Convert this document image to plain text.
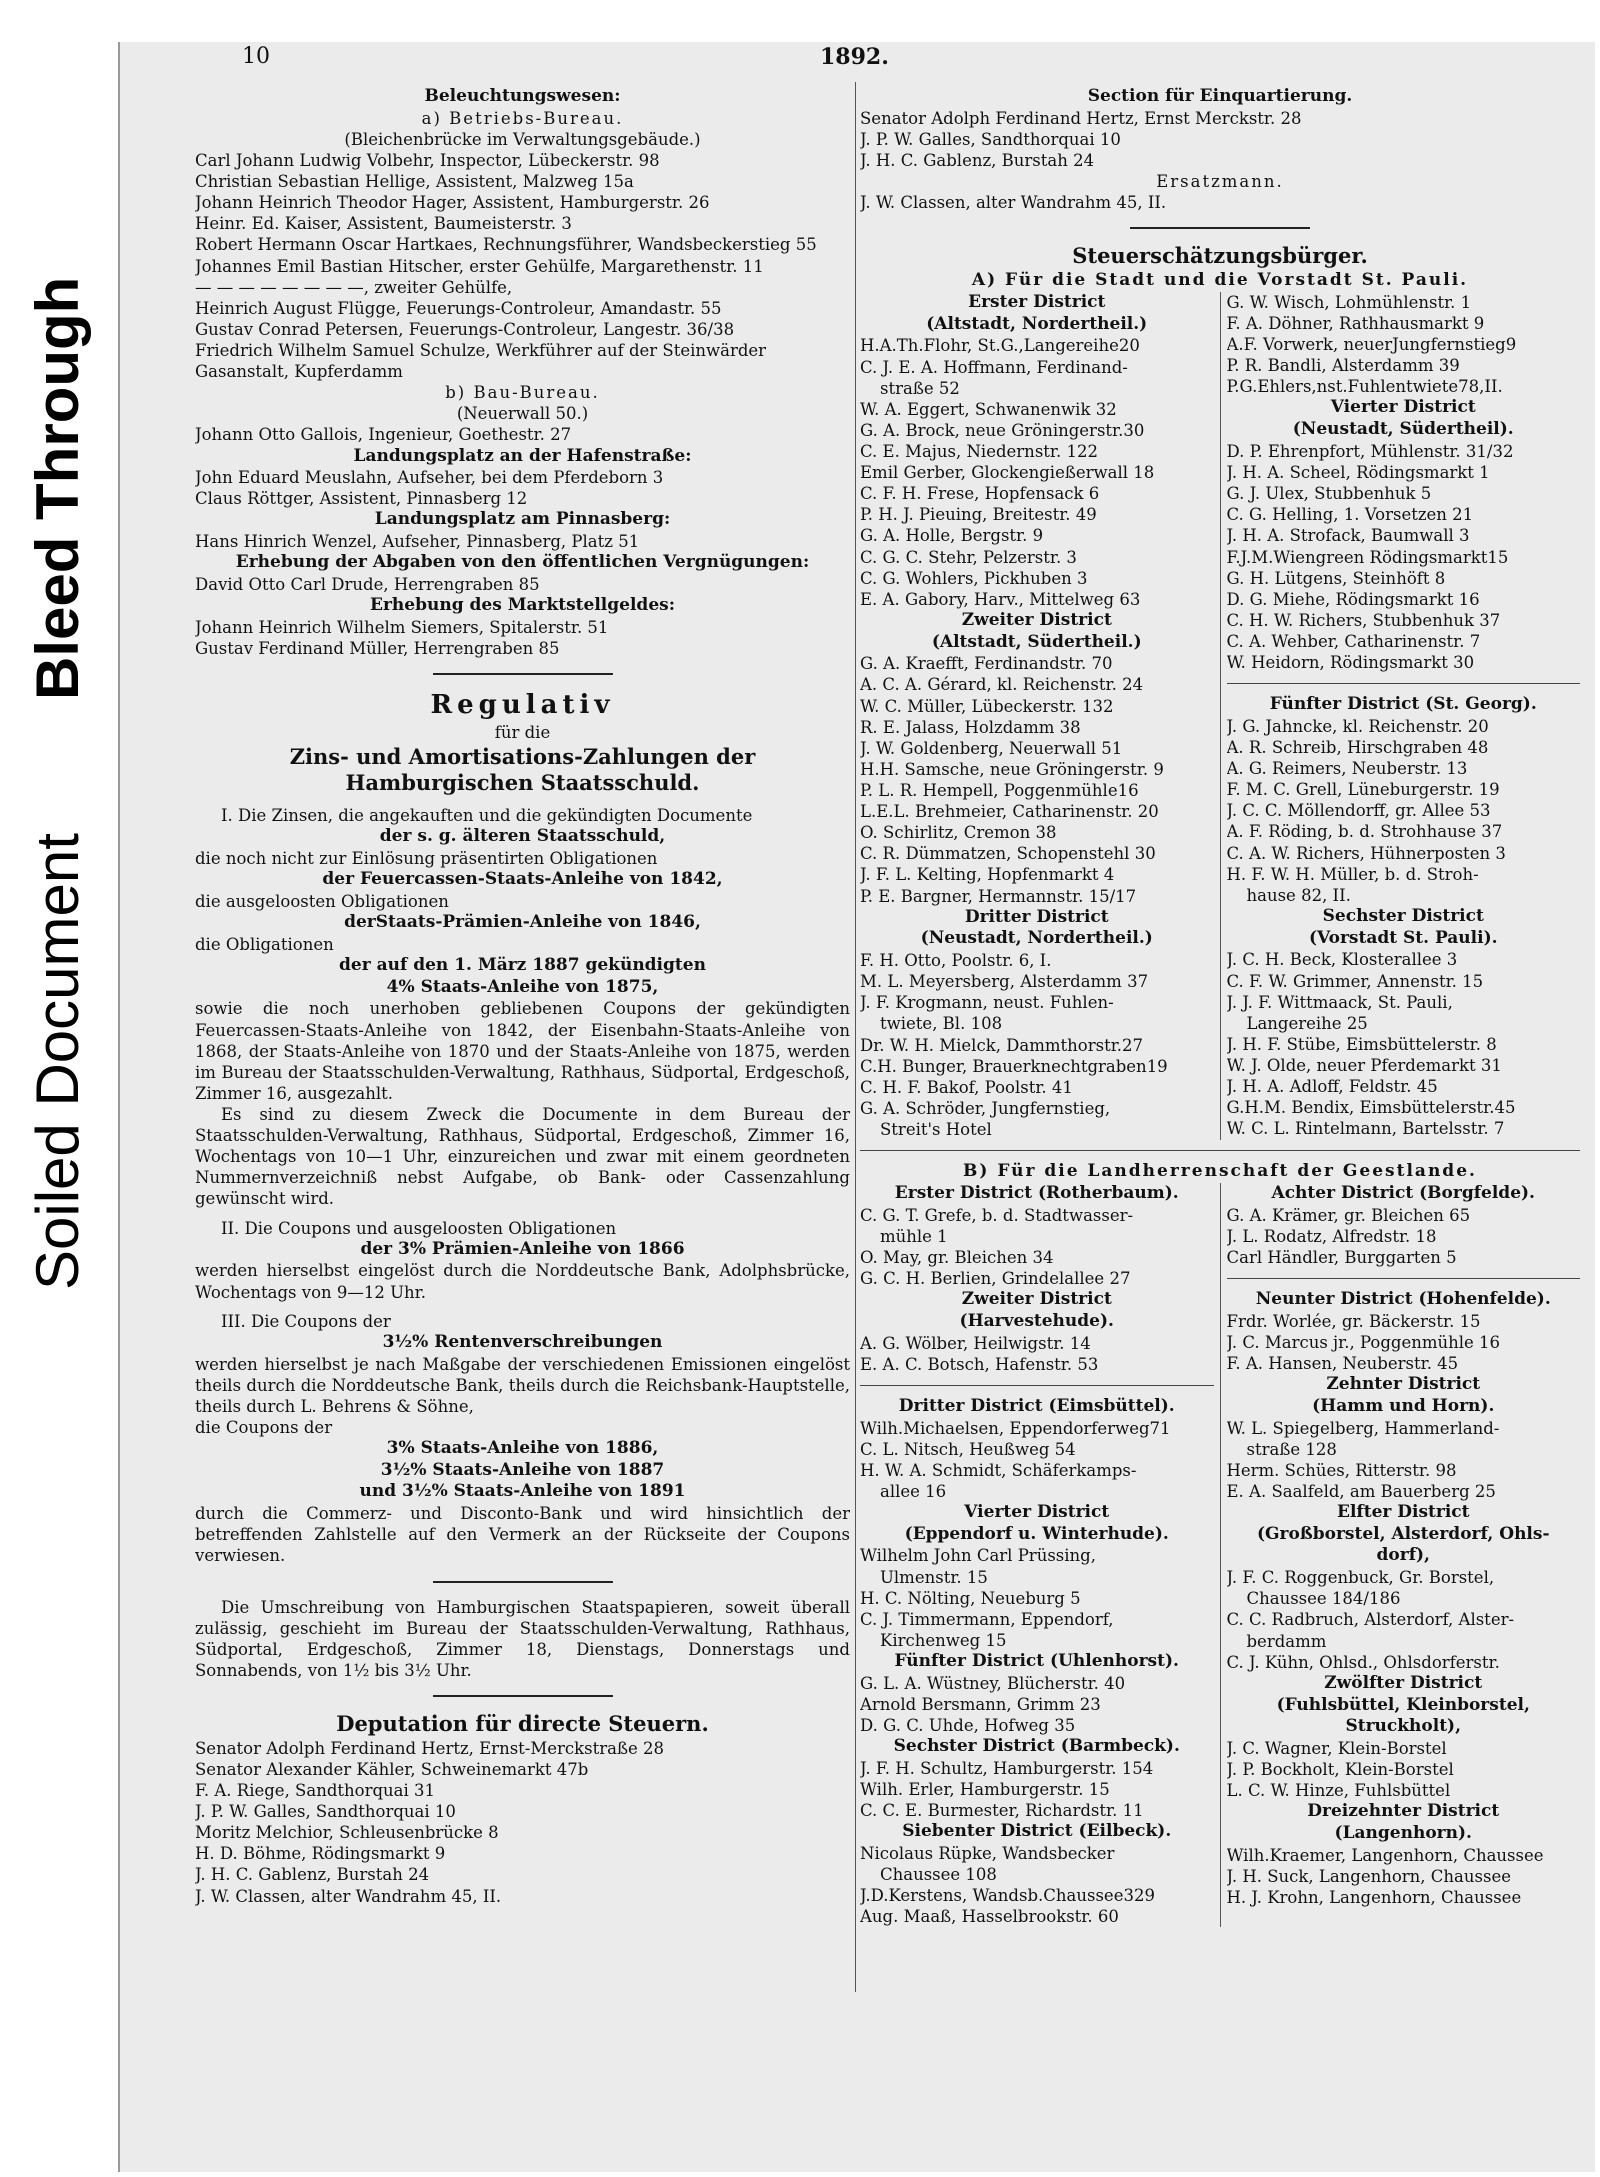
Soiled Document
Bleed Through
10	1892.
Beleuchtungswesen:
a) Betriebs-Bureau.
(Bleichenbrücke im Verwaltungsgebäude.)
Carl Johann Ludwig Volbehr, Inspector, Lübeckerstr. 98
Christian Sebastian Hellige, Assistent, Malzweg 15a
Johann Heinrich Theodor Hager, Assistent, Hamburgerstr. 26
Heinr. Ed. Kaiser, Assistent, Baumeisterstr. 3
Robert Hermann Oscar Hartkaes, Rechnungsführer, Wandsbeckerstieg 55
Johannes Emil Bastian Hitscher, erster Gehülfe, Margarethenstr. 11
— — — — — — — —, zweiter Gehülfe,
Heinrich August Flügge, Feuerungs-Controleur, Amandastr. 55
Gustav Conrad Petersen, Feuerungs-Controleur, Langestr. 36/38
Friedrich Wilhelm Samuel Schulze, Werkführer auf der Steinwärder
Gasanstalt, Kupferdamm
b) Bau-Bureau.
(Neuerwall 50.)
Johann Otto Gallois, Ingenieur, Goethestr. 27
Landungsplatz an der Hafenstraße:
John Eduard Meuslahn, Aufseher, bei dem Pferdeborn 3
Claus Röttger, Assistent, Pinnasberg 12
Landungsplatz am Pinnasberg:
Hans Hinrich Wenzel, Aufseher, Pinnasberg, Platz 51
Erhebung der Abgaben von den öffentlichen Vergnügungen:
David Otto Carl Drude, Herrengraben 85
Erhebung des Marktstellgeldes:
Johann Heinrich Wilhelm Siemers, Spitalerstr. 51
Gustav Ferdinand Müller, Herrengraben 85
Regulativ
für die
Zins- und Amortisations-Zahlungen der
Hamburgischen Staatsschuld.
I. Die Zinsen, die angekauften und die gekündigten Documente
der s. g. älteren Staatsschuld,
die noch nicht zur Einlösung präsentirten Obligationen
der Feuercassen-Staats-Anleihe von 1842,
die ausgeloosten Obligationen
derStaats-Prämien-Anleihe von 1846,
die Obligationen
der auf den 1. März 1887 gekündigten
4% Staats-Anleihe von 1875,
sowie die noch unerhoben gebliebenen Coupons der gekündigten Feuercassen-Staats-Anleihe von 1842, der Eisenbahn-Staats-Anleihe von 1868, der Staats-Anleihe von 1870 und der Staats-Anleihe von 1875, werden im Bureau der Staatsschulden-Verwaltung, Rathhaus, Südportal, Erdgeschoß, Zimmer 16, ausgezahlt.
Es sind zu diesem Zweck die Documente in dem Bureau der Staatsschulden-Verwaltung, Rathhaus, Südportal, Erdgeschoß, Zimmer 16, Wochentags von 10—1 Uhr, einzureichen und zwar mit einem geordneten Nummernverzeichniß nebst Aufgabe, ob Bank- oder Cassenzahlung gewünscht wird.
II. Die Coupons und ausgeloosten Obligationen
der 3% Prämien-Anleihe von 1866
werden hierselbst eingelöst durch die Norddeutsche Bank, Adolphsbrücke, Wochentags von 9—12 Uhr.
III. Die Coupons der
3½% Rentenverschreibungen
werden hierselbst je nach Maßgabe der verschiedenen Emissionen eingelöst theils durch die Norddeutsche Bank, theils durch die Reichsbank-Hauptstelle, theils durch L. Behrens & Söhne,
die Coupons der
3% Staats-Anleihe von 1886,
3½% Staats-Anleihe von 1887
und 3½% Staats-Anleihe von 1891
durch die Commerz- und Disconto-Bank und wird hinsichtlich der betreffenden Zahlstelle auf den Vermerk an der Rückseite der Coupons verwiesen.
Die Umschreibung von Hamburgischen Staatspapieren, soweit überall zulässig, geschieht im Bureau der Staatsschulden-Verwaltung, Rathhaus, Südportal, Erdgeschoß, Zimmer 18, Dienstags, Donnerstags und Sonnabends, von 1½ bis 3½ Uhr.
Deputation für directe Steuern.
Senator Adolph Ferdinand Hertz, Ernst-Merckstraße 28
Senator Alexander Kähler, Schweinemarkt 47b
F. A. Riege, Sandthorquai 31
J. P. W. Galles, Sandthorquai 10
Moritz Melchior, Schleusenbrücke 8
H. D. Böhme, Rödingsmarkt 9
J. H. C. Gablenz, Burstah 24
J. W. Classen, alter Wandrahm 45, II.
Section für Einquartierung.
Senator Adolph Ferdinand Hertz, Ernst Merckstr. 28
J. P. W. Galles, Sandthorquai 10
J. H. C. Gablenz, Burstah 24
Ersatzmann.
J. W. Classen, alter Wandrahm 45, II.
Steuerschätzungsbürger.
A) Für die Stadt und die Vorstadt St. Pauli.
Erster District
(Altstadt, Nordertheil.)
H.A.Th.Flohr, St.G.,Langereihe20
C. J. E. A. Hoffmann, Ferdinand-
straße 52
W. A. Eggert, Schwanenwik 32
G. A. Brock, neue Gröningerstr.30
C. E. Majus, Niedernstr. 122
Emil Gerber, Glockengießerwall 18
C. F. H. Frese, Hopfensack 6
P. H. J. Pieuing, Breitestr. 49
G. A. Holle, Bergstr. 9
C. G. C. Stehr, Pelzerstr. 3
C. G. Wohlers, Pickhuben 3
E. A. Gabory, Harv., Mittelweg 63
Zweiter District
(Altstadt, Südertheil.)
G. A. Kraefft, Ferdinandstr. 70
A. C. A. Gérard, kl. Reichenstr. 24
W. C. Müller, Lübeckerstr. 132
R. E. Jalass, Holzdamm 38
J. W. Goldenberg, Neuerwall 51
H.H. Samsche, neue Gröningerstr. 9
P. L. R. Hempell, Poggenmühle16
L.E.L. Brehmeier, Catharinenstr. 20
O. Schirlitz, Cremon 38
C. R. Dümmatzen, Schopenstehl 30
J. F. L. Kelting, Hopfenmarkt 4
P. E. Bargner, Hermannstr. 15/17
Dritter District
(Neustadt, Nordertheil.)
F. H. Otto, Poolstr. 6, I.
M. L. Meyersberg, Alsterdamm 37
J. F. Krogmann, neust. Fuhlen-
twiete, Bl. 108
Dr. W. H. Mielck, Dammthorstr.27
C.H. Bunger, Brauerknechtgraben19
C. H. F. Bakof, Poolstr. 41
G. A. Schröder, Jungfernstieg,
Streit's Hotel
G. W. Wisch, Lohmühlenstr. 1
F. A. Döhner, Rathhausmarkt 9
A.F. Vorwerk, neuerJungfernstieg9
P. R. Bandli, Alsterdamm 39
P.G.Ehlers,nst.Fuhlentwiete78,II.
Vierter District
(Neustadt, Südertheil).
D. P. Ehrenpfort, Mühlenstr. 31/32
J. H. A. Scheel, Rödingsmarkt 1
G. J. Ulex, Stubbenhuk 5
C. G. Helling, 1. Vorsetzen 21
J. H. A. Strofack, Baumwall 3
F.J.M.Wiengreen Rödingsmarkt15
G. H. Lütgens, Steinhöft 8
D. G. Miehe, Rödingsmarkt 16
C. H. W. Richers, Stubbenhuk 37
C. A. Wehber, Catharinenstr. 7
W. Heidorn, Rödingsmarkt 30
Fünfter District (St. Georg).
J. G. Jahncke, kl. Reichenstr. 20
A. R. Schreib, Hirschgraben 48
A. G. Reimers, Neuberstr. 13
F. M. C. Grell, Lüneburgerstr. 19
J. C. C. Möllendorff, gr. Allee 53
A. F. Röding, b. d. Strohhause 37
C. A. W. Richers, Hühnerposten 3
H. F. W. H. Müller, b. d. Stroh-
hause 82, II.
Sechster District
(Vorstadt St. Pauli).
J. C. H. Beck, Klosterallee 3
C. F. W. Grimmer, Annenstr. 15
J. J. F. Wittmaack, St. Pauli,
Langereihe 25
J. H. F. Stübe, Eimsbüttelerstr. 8
W. J. Olde, neuer Pferdemarkt 31
J. H. A. Adloff, Feldstr. 45
G.H.M. Bendix, Eimsbüttelerstr.45
W. C. L. Rintelmann, Bartelsstr. 7
B) Für die Landherrenschaft der Geestlande.
Erster District (Rotherbaum).
C. G. T. Grefe, b. d. Stadtwasser-
mühle 1
O. May, gr. Bleichen 34
G. C. H. Berlien, Grindelallee 27
Zweiter District
(Harvestehude).
A. G. Wölber, Heilwigstr. 14
E. A. C. Botsch, Hafenstr. 53
Dritter District (Eimsbüttel).
Wilh.Michaelsen, Eppendorferweg71
C. L. Nitsch, Heußweg 54
H. W. A. Schmidt, Schäferkamps-
allee 16
Vierter District
(Eppendorf u. Winterhude).
Wilhelm John Carl Prüssing,
Ulmenstr. 15
H. C. Nölting, Neueburg 5
C. J. Timmermann, Eppendorf,
Kirchenweg 15
Fünfter District (Uhlenhorst).
G. L. A. Wüstney, Blücherstr. 40
Arnold Bersmann, Grimm 23
D. G. C. Uhde, Hofweg 35
Sechster District (Barmbeck).
J. F. H. Schultz, Hamburgerstr. 154
Wilh. Erler, Hamburgerstr. 15
C. C. E. Burmester, Richardstr. 11
Siebenter District (Eilbeck).
Nicolaus Rüpke, Wandsbecker
Chaussee 108
J.D.Kerstens, Wandsb.Chaussee329
Aug. Maaß, Hasselbrookstr. 60
Achter District (Borgfelde).
G. A. Krämer, gr. Bleichen 65
J. L. Rodatz, Alfredstr. 18
Carl Händler, Burggarten 5
Neunter District (Hohenfelde).
Frdr. Worlée, gr. Bäckerstr. 15
J. C. Marcus jr., Poggenmühle 16
F. A. Hansen, Neuberstr. 45
Zehnter District
(Hamm und Horn).
W. L. Spiegelberg, Hammerland-
straße 128
Herm. Schües, Ritterstr. 98
E. A. Saalfeld, am Bauerberg 25
Elfter District
(Großborstel, Alsterdorf, Ohls-
dorf),
J. F. C. Roggenbuck, Gr. Borstel,
Chaussee 184/186
C. C. Radbruch, Alsterdorf, Alster-
berdamm
C. J. Kühn, Ohlsd., Ohlsdorferstr.
Zwölfter District
(Fuhlsbüttel, Kleinborstel,
Struckholt),
J. C. Wagner, Klein-Borstel
J. P. Bockholt, Klein-Borstel
L. C. W. Hinze, Fuhlsbüttel
Dreizehnter District
(Langenhorn).
Wilh.Kraemer, Langenhorn, Chaussee
J. H. Suck, Langenhorn, Chaussee
H. J. Krohn, Langenhorn, Chaussee
